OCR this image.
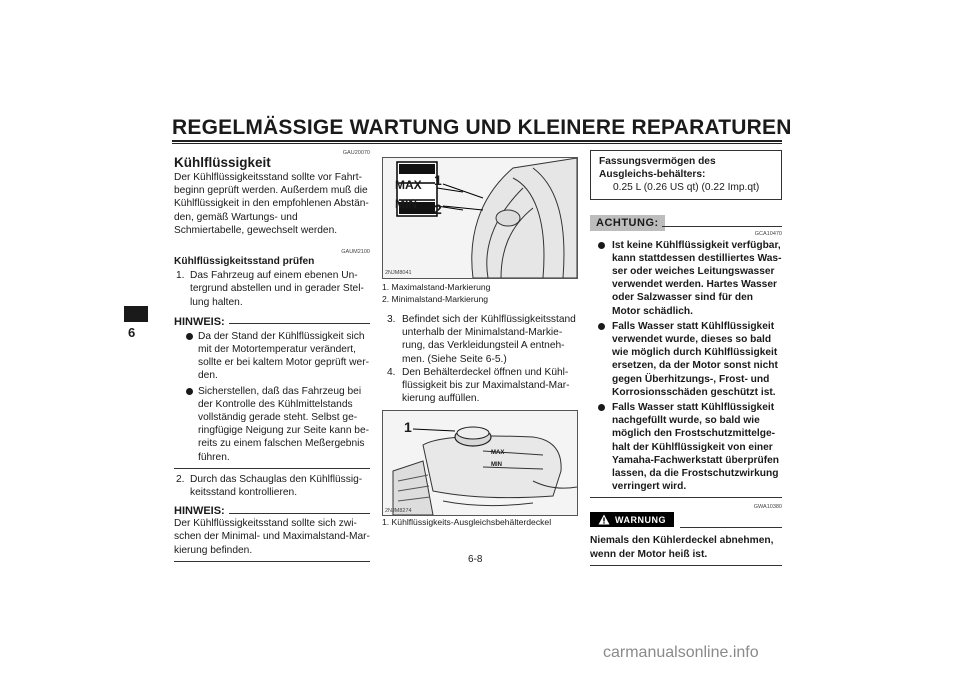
REGELMÄSSIGE WARTUNG UND KLEINERE REPARATUREN
6
GAU20070
Kühlflüssigkeit
Der Kühlflüssigkeitsstand sollte vor Fahrt-beginn geprüft werden. Außerdem muß die Kühlflüssigkeit in den empfohlenen Abstän-den, gemäß Wartungs- und Schmiertabelle, gewechselt werden.
GAUM2100
Kühlflüssigkeitsstand prüfen
1. Das Fahrzeug auf einem ebenen Un-tergrund abstellen und in gerader Stel-lung halten.
HINWEIS:
Da der Stand der Kühlflüssigkeit sich mit der Motortemperatur verändert, sollte er bei kaltem Motor geprüft wer-den.
Sicherstellen, daß das Fahrzeug bei der Kontrolle des Kühlmittelstands vollständig gerade steht. Selbst ge-ringfügige Neigung zur Seite kann be-reits zu einem falschen Meßergebnis führen.
2. Durch das Schauglas den Kühlflüssig-keitsstand kontrollieren.
HINWEIS:
Der Kühlflüssigkeitsstand sollte sich zwi-schen der Minimal- und Maximalstand-Mar-kierung befinden.
MAX
MIN
1
2
2NJM8041
1. Maximalstand-Markierung
2. Minimalstand-Markierung
3. Befindet sich der Kühlflüssigkeitsstand unterhalb der Minimalstand-Markie-rung, das Verkleidungsteil A entneh-men. (Siehe Seite 6-5.)
4. Den Behälterdeckel öffnen und Kühl-flüssigkeit bis zur Maximalstand-Mar-kierung auffüllen.
1
MAX
MIN
2NJM8274
1. Kühlflüssigkeits-Ausgleichsbehälterdeckel
Fassungsvermögen des Ausgleichs-behälters:
0.25 L (0.26 US qt) (0.22 Imp.qt)
ACHTUNG:
GCA10470
Ist keine Kühlflüssigkeit verfügbar, kann stattdessen destilliertes Was-ser oder weiches Leitungswasser verwendet werden. Hartes Wasser oder Salzwasser sind für den Motor schädlich.
Falls Wasser statt Kühlflüssigkeit verwendet wurde, dieses so bald wie möglich durch Kühlflüssigkeit ersetzen, da der Motor sonst nicht gegen Überhitzungs-, Frost- und Korrosionsschäden geschützt ist.
Falls Wasser statt Kühlflüssigkeit nachgefüllt wurde, so bald wie möglich den Frostschutzmittelge-halt der Kühlflüssigkeit von einer Yamaha-Fachwerkstatt überprüfen lassen, da die Frostschutzwirkung verringert wird.
GWA10380
WARNUNG
Niemals den Kühlerdeckel abnehmen, wenn der Motor heiß ist.
6-8
carmanualsonline.info
